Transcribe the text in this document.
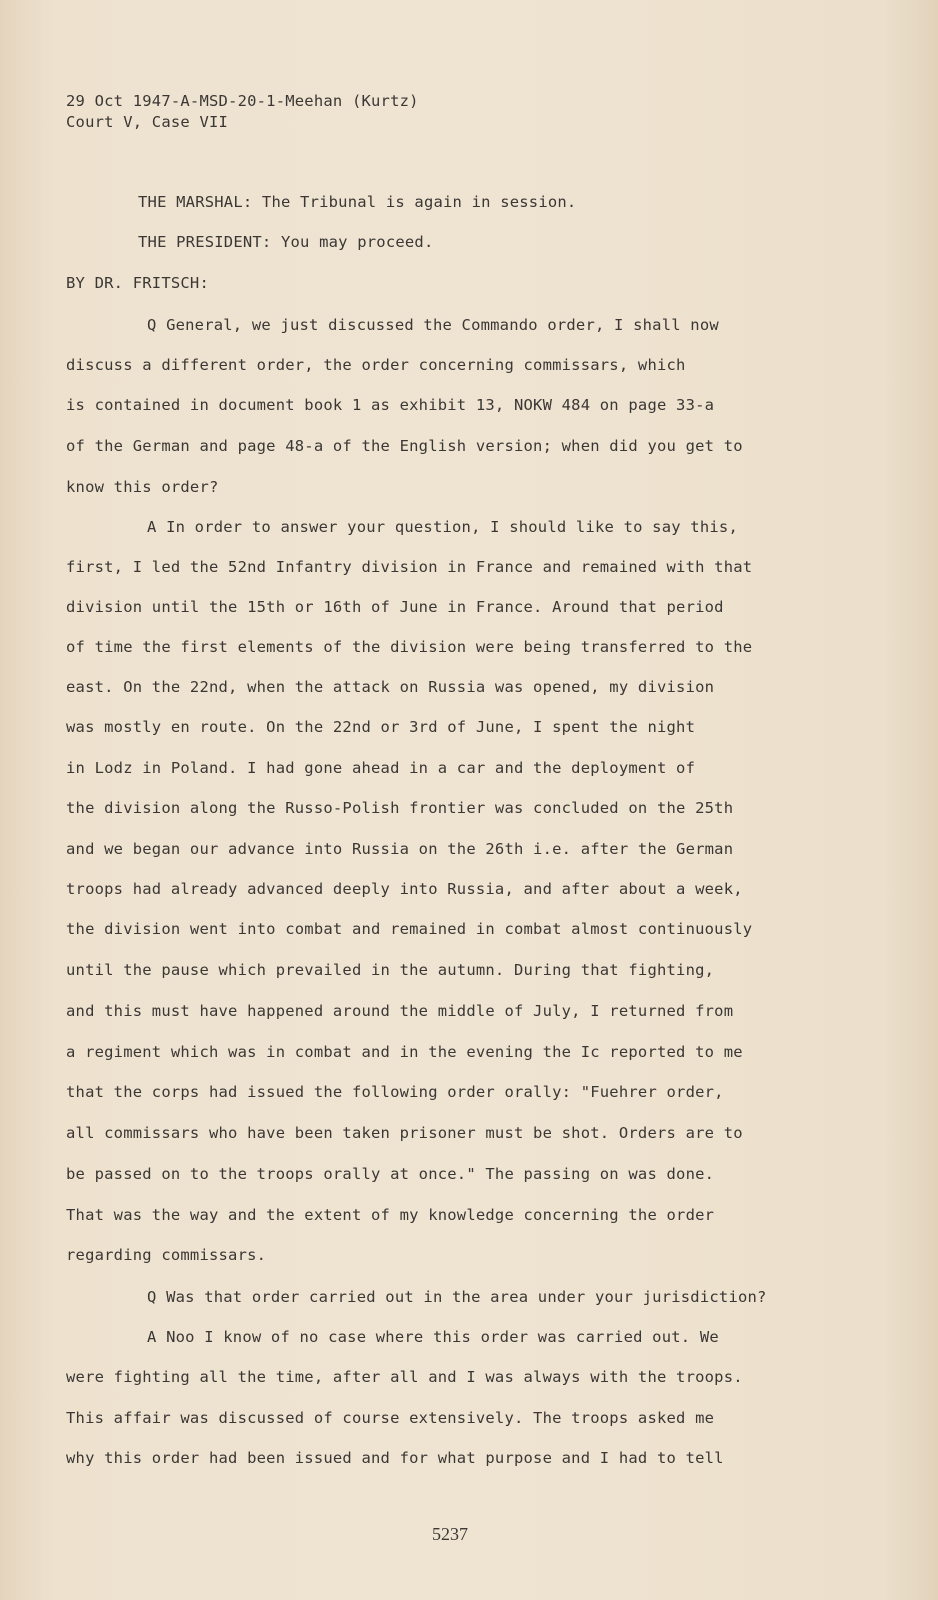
29 Oct 1947-A-MSD-20-1-Meehan (Kurtz)
Court V, Case VII
THE MARSHAL: The Tribunal is again in session.
THE PRESIDENT: You may proceed.
BY DR. FRITSCH:
Q General, we just discussed the Commando order, I shall now
discuss a different order, the order concerning commissars, which
is contained in document book 1 as exhibit 13, NOKW 484 on page 33-a
of the German and page 48-a of the English version; when did you get to
know this order?
A In order to answer your question, I should like to say this,
first, I led the 52nd Infantry division in France and remained with that
division until the 15th or 16th of June in France. Around that period
of time the first elements of the division were being transferred to the
east. On the 22nd, when the attack on Russia was opened, my division
was mostly en route. On the 22nd or 3rd of June, I spent the night
in Lodz in Poland. I had gone ahead in a car and the deployment of
the division along the Russo-Polish frontier was concluded on the 25th
and we began our advance into Russia on the 26th i.e. after the German
troops had already advanced deeply into Russia, and after about a week,
the division went into combat and remained in combat almost continuously
until the pause which prevailed in the autumn. During that fighting,
and this must have happened around the middle of July, I returned from
a regiment which was in combat and in the evening the Ic reported to me
that the corps had issued the following order orally: "Fuehrer order,
all commissars who have been taken prisoner must be shot. Orders are to
be passed on to the troops orally at once." The passing on was done.
That was the way and the extent of my knowledge concerning the order
regarding commissars.
Q Was that order carried out in the area under your jurisdiction?
A Noo I know of no case where this order was carried out. We
were fighting all the time, after all and I was always with the troops.
This affair was discussed of course extensively. The troops asked me
why this order had been issued and for what purpose and I had to tell
5237
